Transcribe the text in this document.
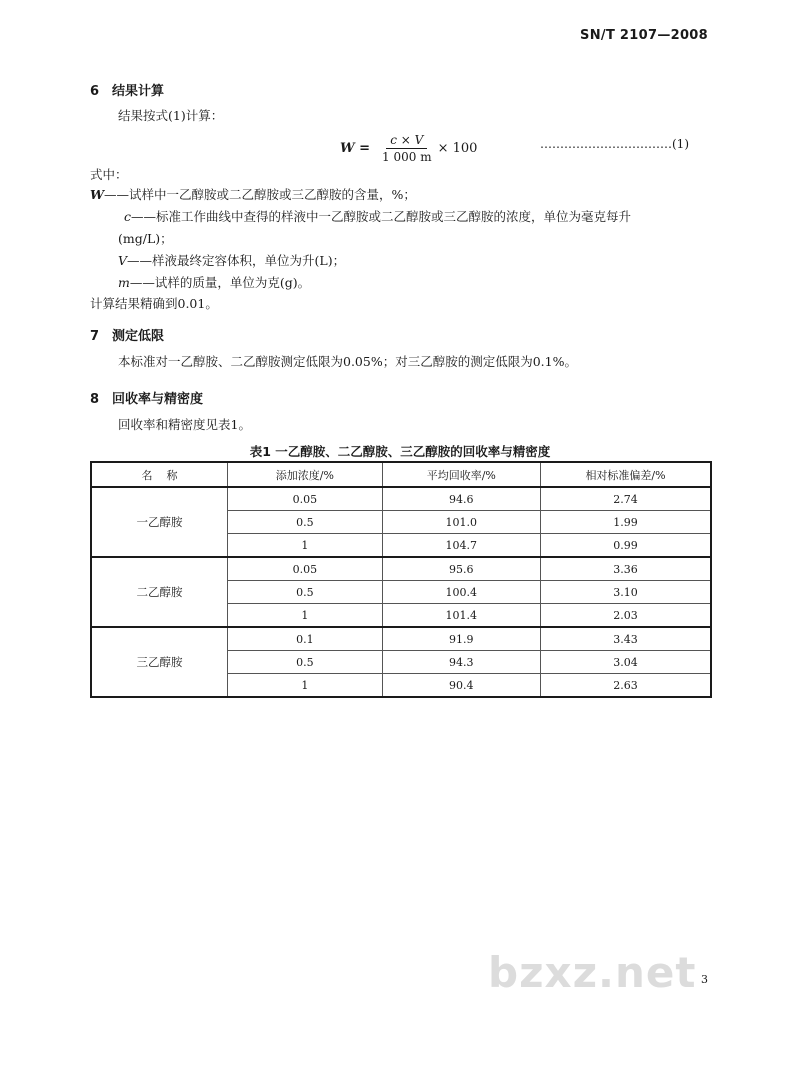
SN/T 2107—2008
6 结果计算
结果按式(1)计算：
$W = \frac{c \times V}{1 000 m} \times 100$	……………………………(1)
式中：
W——试样中一乙醇胺或二乙醇胺或三乙醇胺的含量，%；
c——标准工作曲线中查得的样液中一乙醇胺或二乙醇胺或三乙醇胺的浓度，单位为毫克每升
(mg/L)；
V——样液最终定容体积，单位为升(L)；
m——试样的质量，单位为克(g)。
计算结果精确到0.01。
7 测定低限
本标准对一乙醇胺、二乙醇胺测定低限为0.05%；对三乙醇胺的测定低限为0.1%。
8 回收率与精密度
回收率和精密度见表1。
表1 一乙醇胺、二乙醇胺、三乙醇胺的回收率与精密度
名    称	添加浓度/%	平均回收率/%	相对标准偏差/%
一乙醇胺	0.05	94.6	2.74
	0.5	101.0	1.99
	1	104.7	0.99
二乙醇胺	0.05	95.6	3.36
	0.5	100.4	3.10
	1	101.4	2.03
三乙醇胺	0.1	91.9	3.43
	0.5	94.3	3.04
	1	90.4	2.63
bzxz.net 3
